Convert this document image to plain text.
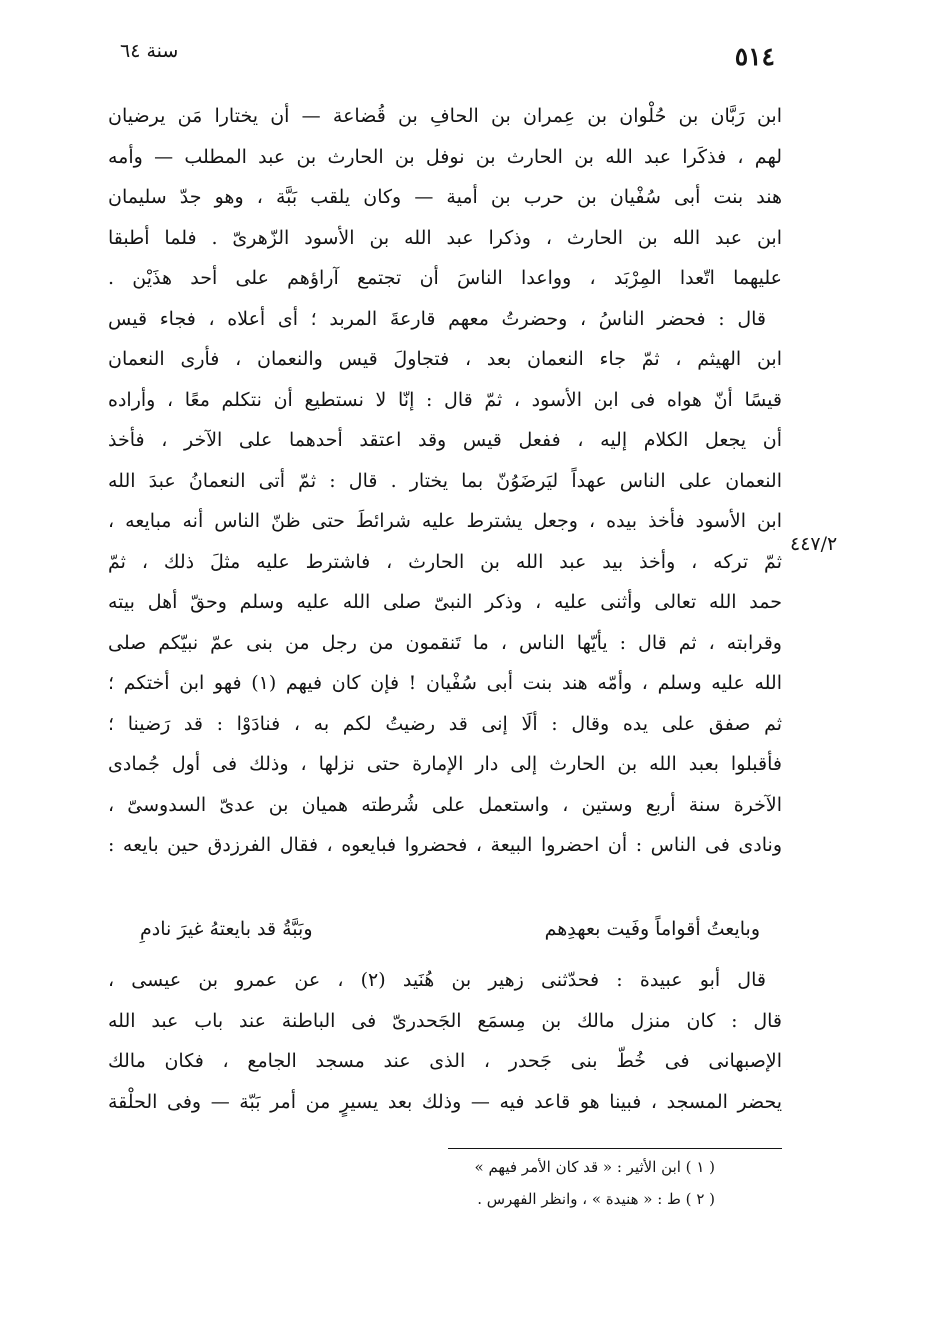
٥١٤
سنة ٦٤
ابن رَبَّان بن حُلْوان بن عِمران بن الحافِ بن قُضاعة — أن يختارا مَن يرضيان
لهم ، فذكَرا عبد الله بن الحارث بن نوفل بن الحارث بن عبد المطلب — وأمه
هند بنت أبى سُفْيان بن حرب بن أمية — وكان يلقب بَبَّة ، وهو جدّ سليمان
ابن عبد الله بن الحارث ، وذكرا عبد الله بن الأسود الزّهرىّ . فلما أطبقا
عليهما اتّعدا المِرْبَد ، وواعدا الناسَ أن تجتمع آراؤهم على أحد هذَيْن .
قال : فحضر الناسُ ، وحضرتُ معهم قارعةَ المربد ؛ أى أعلاه ، فجاء قيس
ابن الهيثم ، ثمّ جاء النعمان بعد ، فتجاولَ قيس والنعمان ، فأرى النعمان
قيسًا أنّ هواه فى ابن الأسود ، ثمّ قال : إنّا لا نستطيع أن نتكلم معًا ، وأراده
أن يجعل الكلام إليه ، ففعل قيس وقد اعتقد أحدهما على الآخر ، فأخذ
النعمان على الناس عهداً ليَرضَوُنّ بما يختار . قال : ثمّ أتى النعمانُ عبدَ الله
ابن الأسود فأخذ بيده ، وجعل يشترط عليه شرائطَ حتى ظنّ الناس أنه مبايعه ،
ثمّ تركه ، وأخذ بيد عبد الله بن الحارث ، فاشترط عليه مثلَ ذلك ، ثمّ
حمد الله تعالى وأثنى عليه ، وذكر النبىّ صلى الله عليه وسلم وحقّ أهل بيته
وقرابته ، ثم قال : يأيّها الناس ، ما تَنقمون من رجل من بنى عمّ نبيّكم صلى
الله عليه وسلم ، وأمّه هند بنت أبى سُفْيان ! فإن كان فيهم (١) فهو ابن أختكم ؛
ثم صفق على يده وقال : ألَا إنى قد رضيتُ لكم به ، فنادَوْا : قد رَضينا ؛
فأقبلوا بعبد الله بن الحارث إلى دار الإمارة حتى نزلها ، وذلك فى أول جُمادى
الآخرة سنة أربع وستين ، واستعمل على شُرطته هميان بن عدىّ السدوسىّ ،
ونادى فى الناس : أن احضروا البيعة ، فحضروا فبايعوه ، فقال الفرزدق حين بايعه :
٤٤٧/٢
وبايعتُ أقواماً وفَيت بعهدِهم
وبَبَّةُ قد بايعتهُ غيرَ نادمِ
قال أبو عبيدة : فحدّثنى زهير بن هُنَيد (٢) ، عن عمرو بن عيسى ،
قال : كان منزل مالك بن مِسمَع الجَحدرىّ فى الباطنة عند باب عبد الله
الإصبهانى فى خُطّ بنى جَحدر ، الذى عند مسجد الجامع ، فكان مالك
يحضر المسجد ، فبينا هو قاعد فيه — وذلك بعد يسيرٍ من أمر بَبّة — وفى الحلْقة
( ١ ) ابن الأثير : « قد كان الأمر فيهم »
( ٢ ) ط : « هنيدة » ، وانظر الفهرس .
